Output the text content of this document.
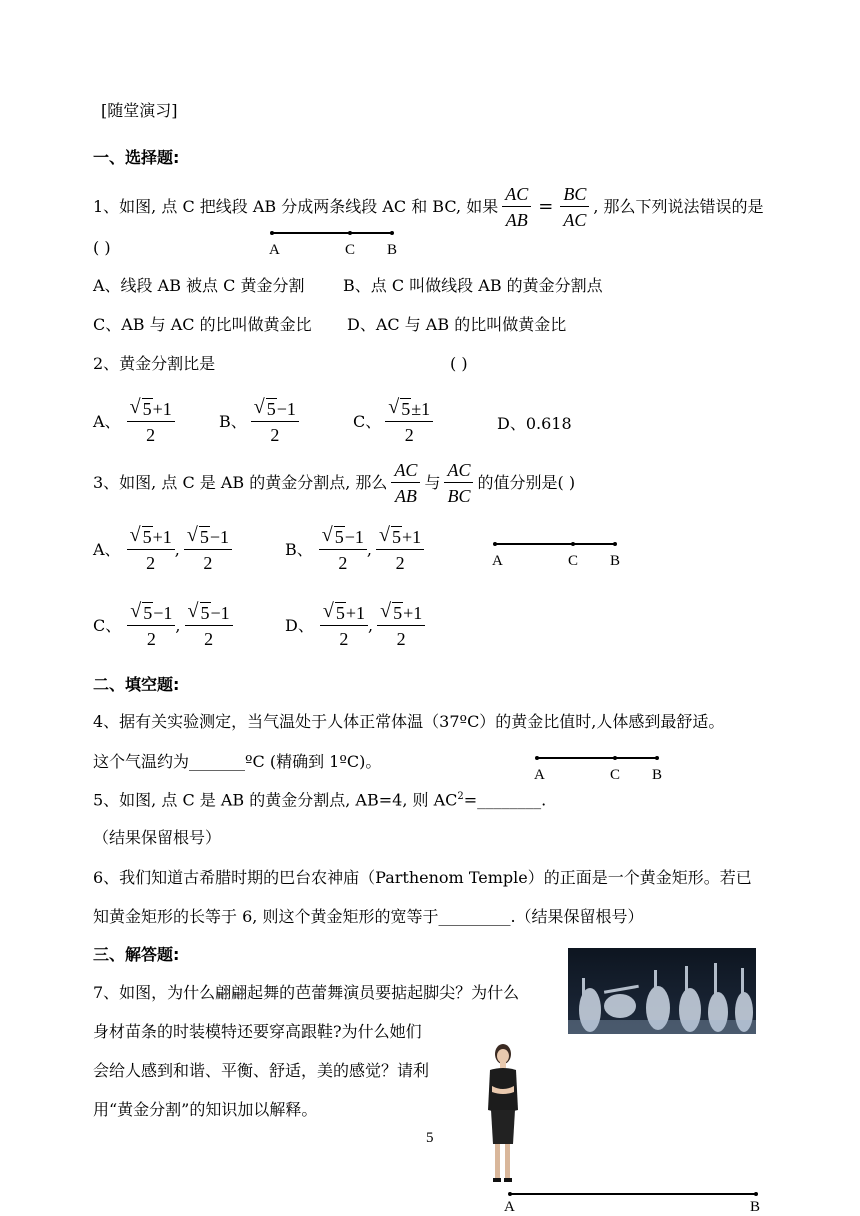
[随堂演习]
一、选择题:
1、如图, 点 C 把线段 AB 分成两条线段 AC 和 BC, 如果 $\frac{AC}{AB} = \frac{BC}{AC}$ , 那么下列说法错误的是
( )	A	C B
A、线段 AB 被点 C 黄金分割 B、点 C 叫做线段 AB 的黄金分割点
C、AB 与 AC 的比叫做黄金比 D、AC 与 AB 的比叫做黄金比
2、黄金分割比是	( )
A、 $\frac{√ 5+1}{2}$	B、 $\frac{√ 5-1}{2}$	C、 $\frac{√ 5\pm 1}{2}$	D、0.618
3、如图, 点 C 是 AB 的黄金分割点, 那么 $\frac{AC}{AB}$ 与 $\frac{AC}{BC}$ 的值分别是( )
A、 $\frac{√ 5+1}{2}$ , $\frac{√ 5-1}{2}$	B、 $\frac{√ 5-1}{2}$ , $\frac{√ 5+1}{2}$	A	C B
C、 $\frac{√ 5-1}{2}$ , $\frac{√ 5-1}{2}$	D、 $\frac{√ 5+1}{2}$ , $\frac{√ 5+1}{2}$
二、填空题:
4、据有关实验测定，当气温处于人体正常体温（37ºC）的黄金比值时,人体感到最舒适。
这个气温约为_______ºC (精确到 1ºC)。
A	C B
5、如图, 点 C 是 AB 的黄金分割点, AB=4, 则 $AC^2=\_\_\_\_\_\_\_\_$.
（结果保留根号）
6、我们知道古希腊时期的巴台农神庙（Parthenom Temple）的正面是一个黄金矩形。若已
知黄金矩形的长等于 6, 则这个黄金矩形的宽等于_________.（结果保留根号）
三、解答题:
7、如图，为什么翩翩起舞的芭蕾舞演员要掂起脚尖？为什么
身材苗条的时装模特还要穿高跟鞋?为什么她们
会给人感到和谐、平衡、舒适，美的感觉？请利
用“黄金分割”的知识加以解释。
5
A	B
